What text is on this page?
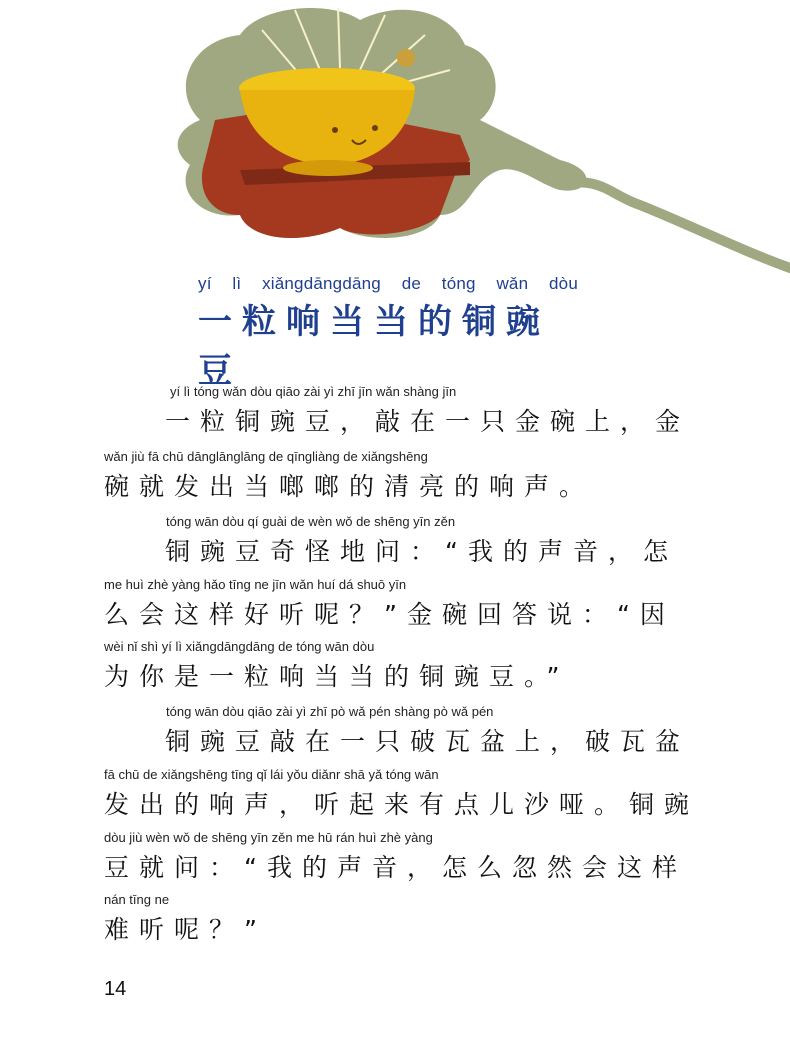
yí lì xiǎngdāngdāng de tóng wǎn dòu
一粒响当当的铜豌豆
yí lì tóng wǎn dòu qiāo zài yì zhī jīn wǎn shàng jīn
一粒铜豌豆，敲在一只金碗上，金
wǎn jiù fā chū dānglānglāng de qīngliàng de xiǎngshēng
碗就发出当啷啷的清亮的响声。
tóng wān dòu qí guài de wèn wǒ de shēng yīn zěn
铜豌豆奇怪地问：“我的声音，怎
me huì zhè yàng hǎo tīng ne jīn wǎn huí dá shuō yīn
么会这样好听呢？”金碗回答说：“因
wèi nǐ shì yí lì xiǎngdāngdāng de tóng wān dòu
为你是一粒响当当的铜豌豆。”
tóng wān dòu qiāo zài yì zhī pò wǎ pén shàng pò wǎ pén
铜豌豆敲在一只破瓦盆上，破瓦盆
fā chū de xiǎngshēng tīng qǐ lái yǒu diǎnr shā yǎ tóng wān
发出的响声，听起来有点儿沙哑。铜豌
dòu jiù wèn wǒ de shēng yīn zěn me hū rán huì zhè yàng
豆就问：“我的声音，怎么忽然会这样
nán tīng ne
难听呢？”
14
